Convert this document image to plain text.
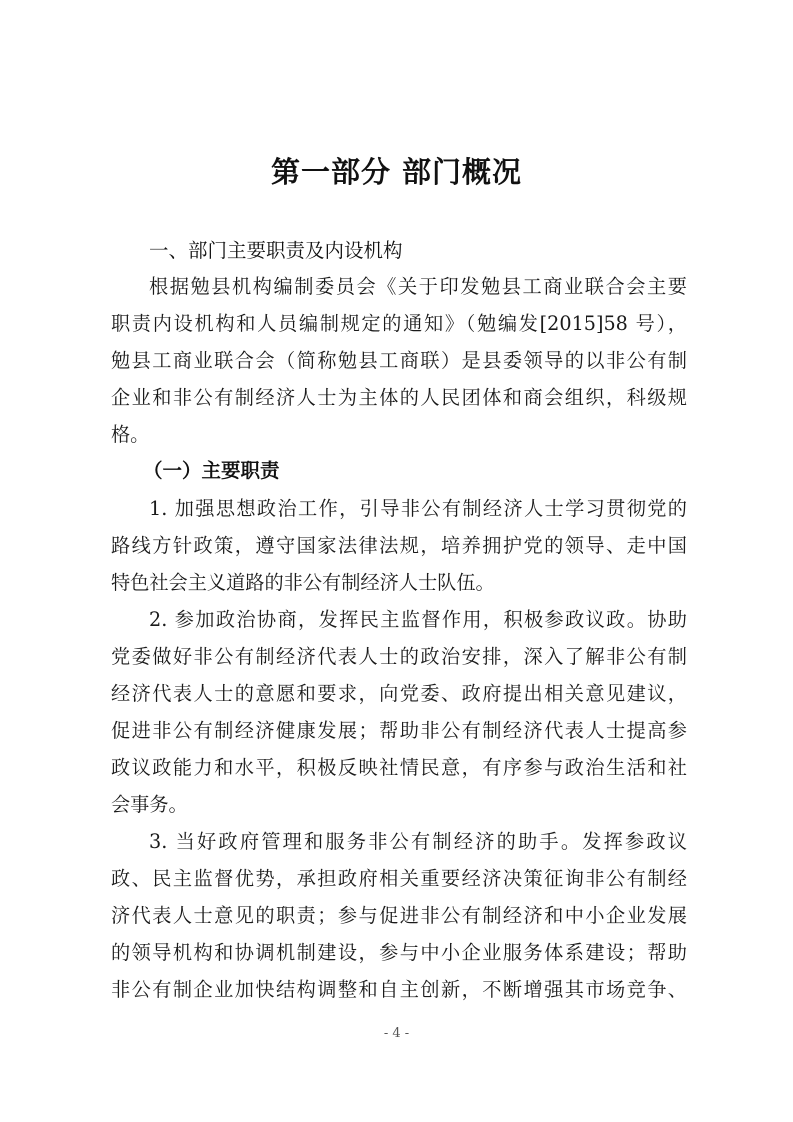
第一部分 部门概况
一、部门主要职责及内设机构
根据勉县机构编制委员会《关于印发勉县工商业联合会主要
职责内设机构和人员编制规定的通知》（勉编发[2015]58 号），
勉县工商业联合会（简称勉县工商联）是县委领导的以非公有制
企业和非公有制经济人士为主体的人民团体和商会组织，科级规
格。
（一）主要职责
1. 加强思想政治工作，引导非公有制经济人士学习贯彻党的
路线方针政策，遵守国家法律法规，培养拥护党的领导、走中国
特色社会主义道路的非公有制经济人士队伍。
2. 参加政治协商，发挥民主监督作用，积极参政议政。协助
党委做好非公有制经济代表人士的政治安排，深入了解非公有制
经济代表人士的意愿和要求，向党委、政府提出相关意见建议，
促进非公有制经济健康发展；帮助非公有制经济代表人士提高参
政议政能力和水平，积极反映社情民意，有序参与政治生活和社
会事务。
3. 当好政府管理和服务非公有制经济的助手。发挥参政议
政、民主监督优势，承担政府相关重要经济决策征询非公有制经
济代表人士意见的职责；参与促进非公有制经济和中小企业发展
的领导机构和协调机制建设，参与中小企业服务体系建设；帮助
非公有制企业加快结构调整和自主创新，不断增强其市场竞争、
- 4 -
